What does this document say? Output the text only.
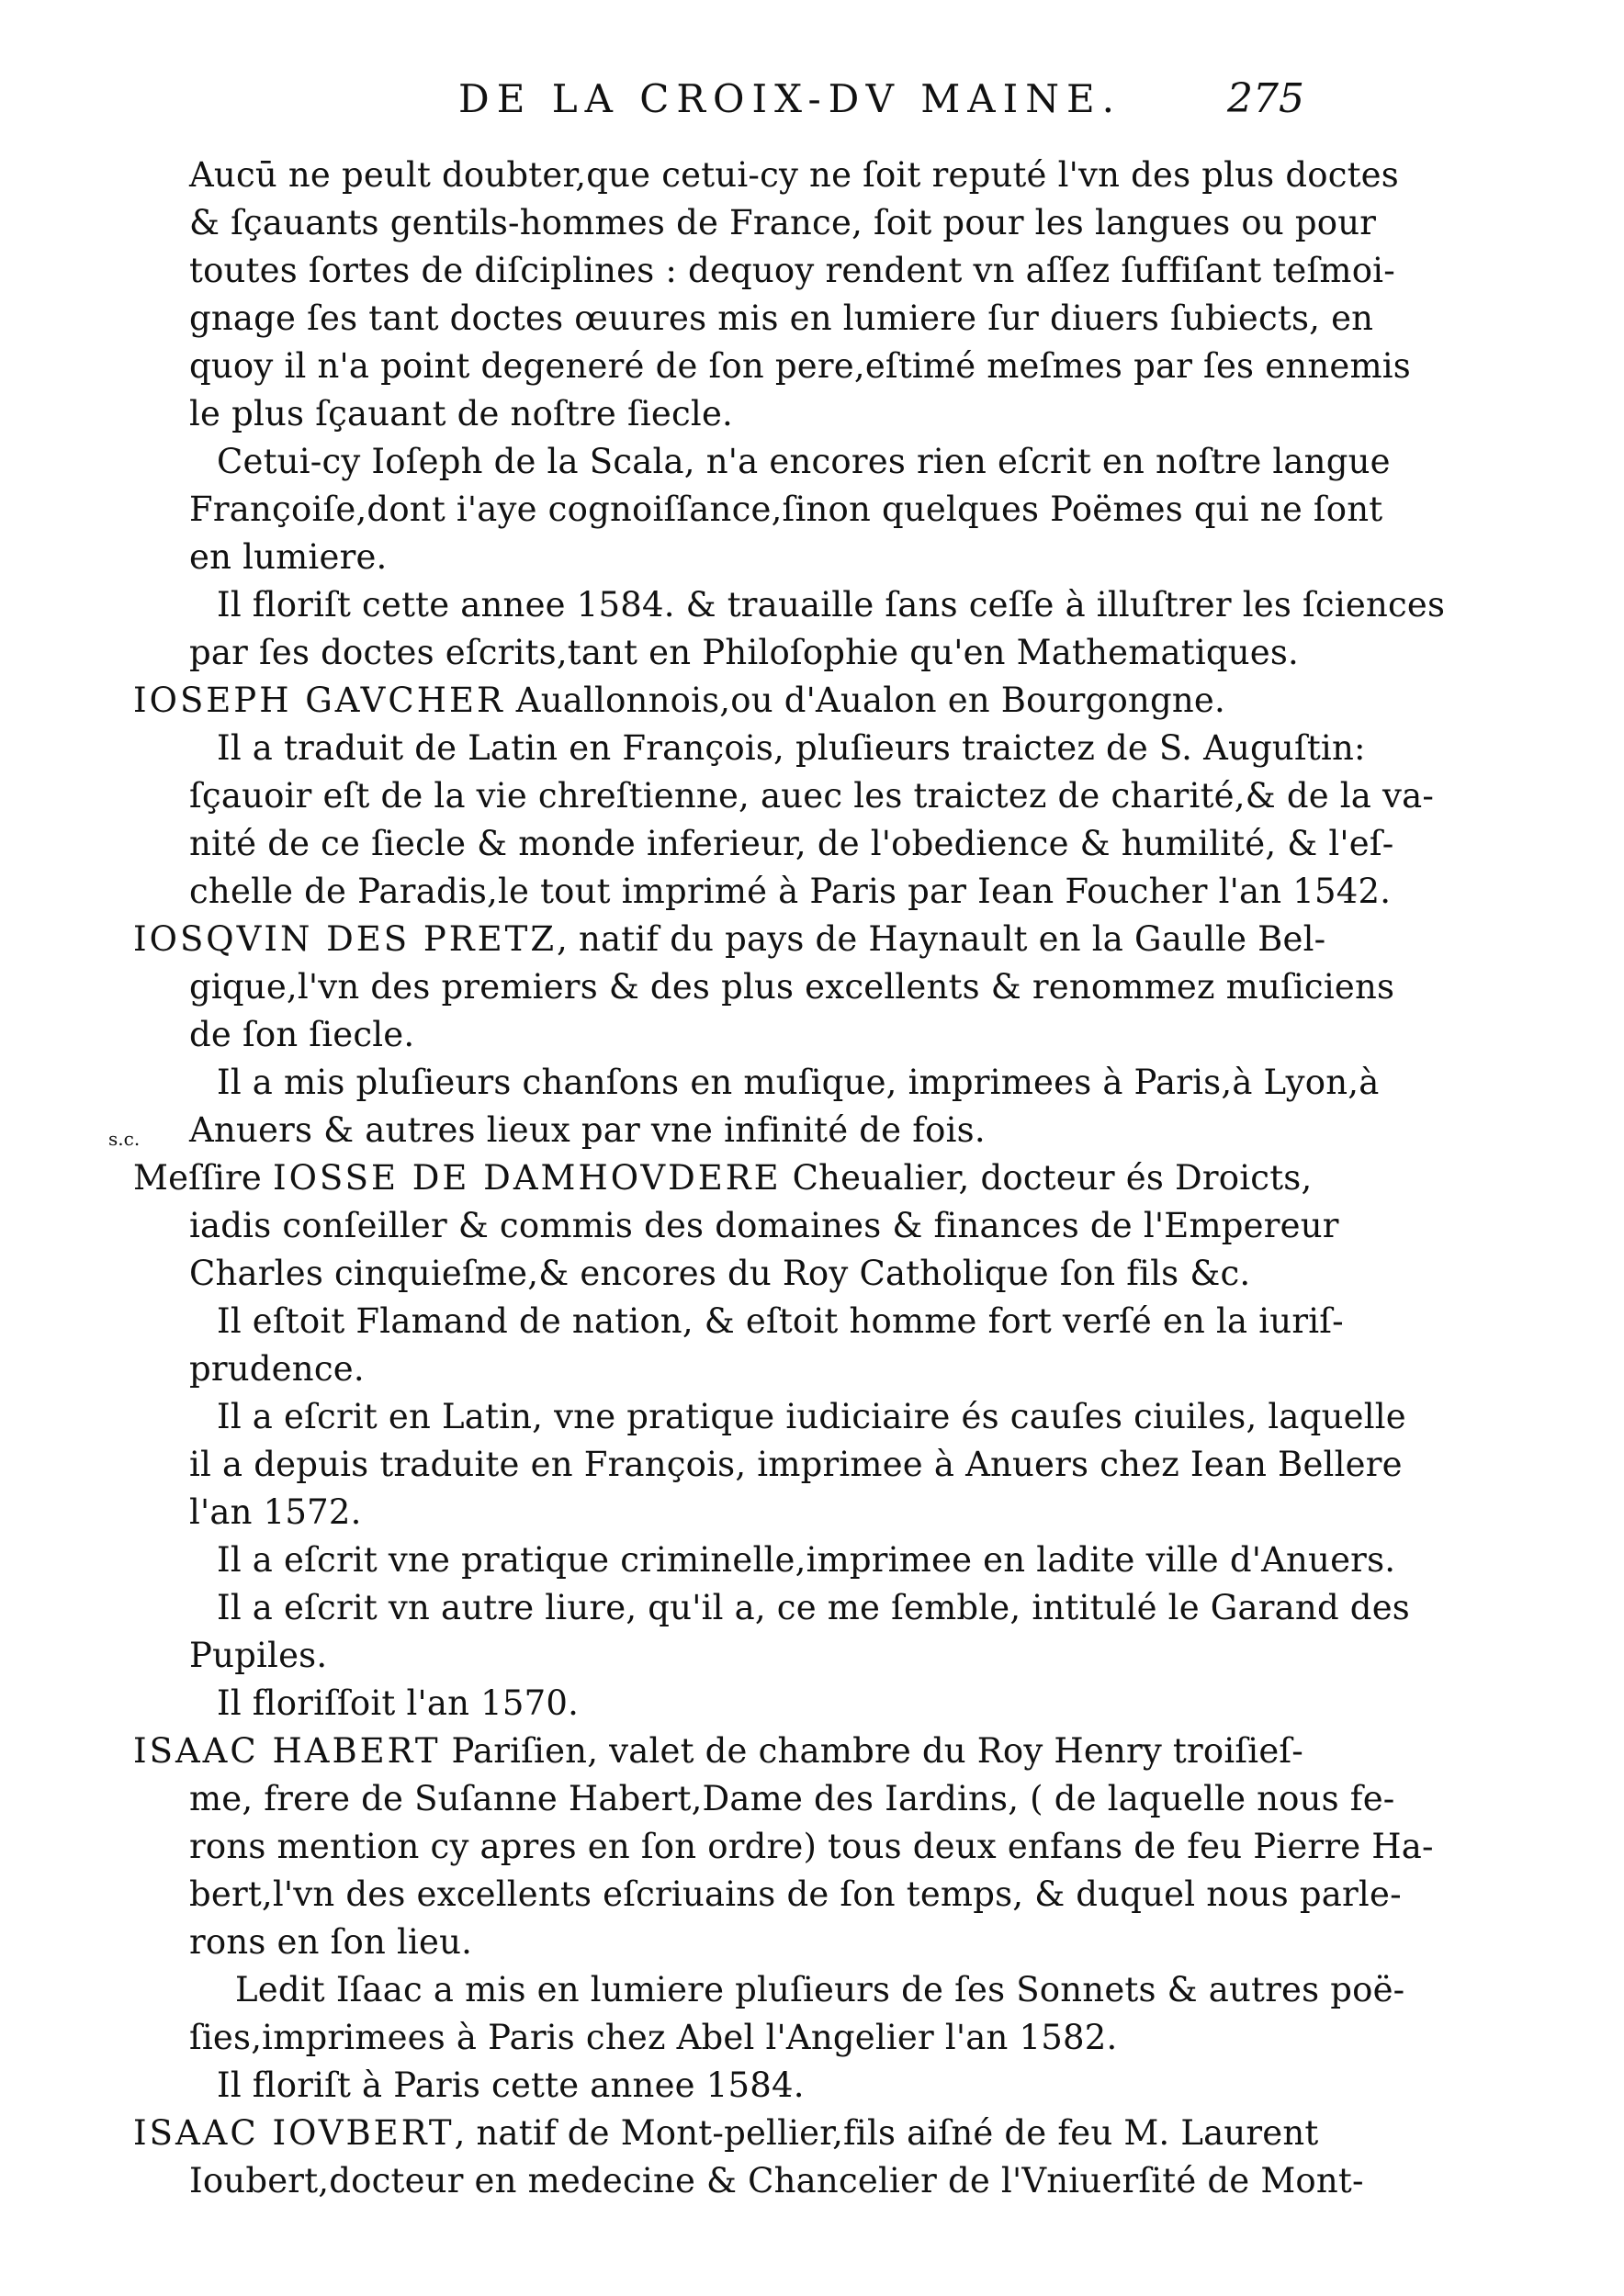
DE LA CROIX-DV MAINE.	275
s.c.
Aucū ne peult doubter,que cetui-cy ne ſoit reputé l'vn des plus doctes
& ſçauants gentils-hommes de France, ſoit pour les langues ou pour
toutes ſortes de diſciplines : dequoy rendent vn aſſez ſuffiſant teſmoi-
gnage ſes tant doctes œuures mis en lumiere ſur diuers ſubiects, en
quoy il n'a point degeneré de ſon pere,eſtimé meſmes par ſes ennemis
le plus ſçauant de noſtre ſiecle.
Cetui-cy Ioſeph de la Scala, n'a encores rien eſcrit en noſtre langue
Françoiſe,dont i'aye cognoiſſance,ſinon quelques Poëmes qui ne ſont
en lumiere.
Il floriſt cette annee 1584. & trauaille ſans ceſſe à illuſtrer les ſciences
par ſes doctes eſcrits,tant en Philoſophie qu'en Mathematiques.
IOSEPH GAVCHER Auallonnois,ou d'Aualon en Bourgongne.
Il a traduit de Latin en François, pluſieurs traictez de S. Auguſtin:
ſçauoir eſt de la vie chreſtienne, auec les traictez de charité,& de la va-
nité de ce ſiecle & monde inferieur, de l'obedience & humilité, & l'eſ-
chelle de Paradis,le tout imprimé à Paris par Iean Foucher l'an 1542.
IOSQVIN DES PRETZ, natif du pays de Haynault en la Gaulle Bel-
gique,l'vn des premiers & des plus excellents & renommez muſiciens
de ſon ſiecle.
Il a mis pluſieurs chanſons en muſique, imprimees à Paris,à Lyon,à
Anuers & autres lieux par vne infinité de fois.
Meſſire IOSSE DE DAMHOVDERE Cheualier, docteur és Droicts,
iadis conſeiller & commis des domaines & finances de l'Empereur
Charles cinquieſme,& encores du Roy Catholique ſon fils &c.
Il eſtoit Flamand de nation, & eſtoit homme fort verſé en la iuriſ-
prudence.
Il a eſcrit en Latin, vne pratique iudiciaire és cauſes ciuiles, laquelle
il a depuis traduite en François, imprimee à Anuers chez Iean Bellere
l'an 1572.
Il a eſcrit vne pratique criminelle,imprimee en ladite ville d'Anuers.
Il a eſcrit vn autre liure, qu'il a, ce me ſemble, intitulé le Garand des
Pupiles.
Il floriſſoit l'an 1570.
ISAAC HABERT Pariſien, valet de chambre du Roy Henry troiſieſ-
me, frere de Suſanne Habert,Dame des Iardins, ( de laquelle nous fe-
rons mention cy apres en ſon ordre) tous deux enfans de feu Pierre Ha-
bert,l'vn des excellents eſcriuains de ſon temps, & duquel nous parle-
rons en ſon lieu.
Ledit Iſaac a mis en lumiere pluſieurs de ſes Sonnets & autres poë-
ſies,imprimees à Paris chez Abel l'Angelier l'an 1582.
Il floriſt à Paris cette annee 1584.
ISAAC IOVBERT, natif de Mont-pellier,fils aiſné de feu M. Laurent
Ioubert,docteur en medecine & Chancelier de l'Vniuerſité de Mont-
